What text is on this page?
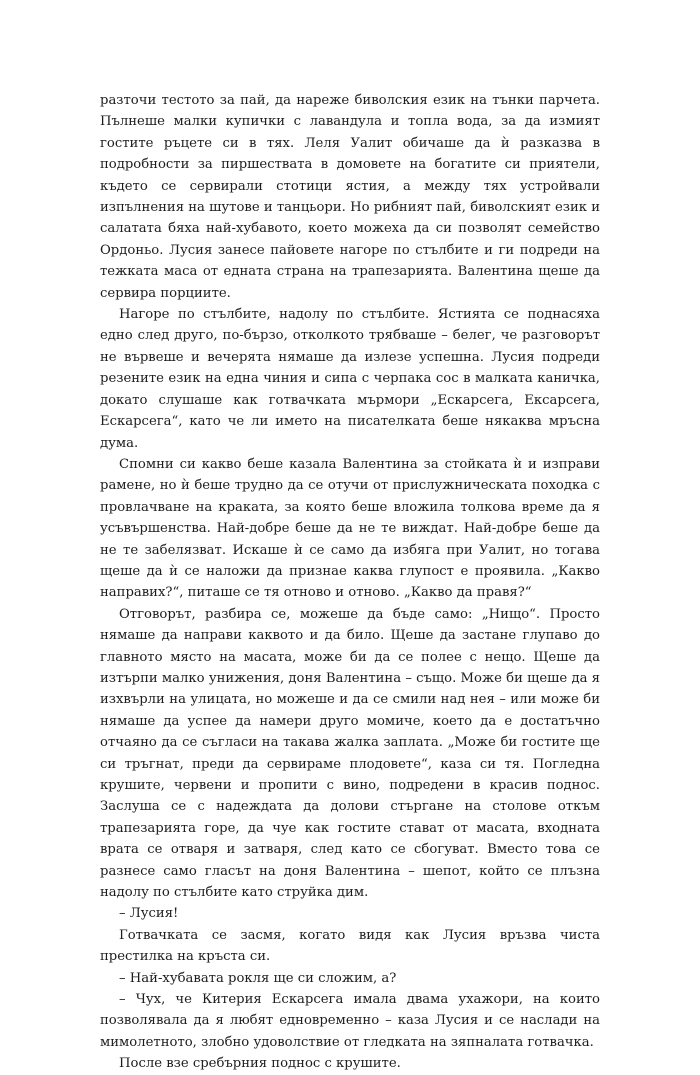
разточи тестото за пай, да нареже биволския език на тънки парчета. Пълнеше малки купички с лавандула и топла вода, за да измият гостите ръцете си в тях. Леля Уалит обичаше да ѝ разказва в подробности за пиршествата в домовете на богатите си приятели, където се сервирали стотици ястия, а между тях устройвали изпълнения на шутове и танцьори. Но рибният пай, биволският език и салатата бяха най-хубавото, което можеха да си позволят семейство Ордоньо. Лусия занесе пайовете нагоре по стълбите и ги подреди на тежката маса от едната страна на трапезарията. Валентина щеше да сервира порциите.

Нагоре по стълбите, надолу по стълбите. Ястията се поднасяха едно след друго, по-бързо, отколкото трябваше – белег, че разговорът не вървеше и вечерята нямаше да излезе успешна. Лусия подреди резените език на една чиния и сипа с черпака сос в малката каничка, докато слушаше как готвачката мърмори „Ескарсега, Ексарсега, Ескарсега“, като че ли името на писателката беше някаква мръсна дума.

Спомни си какво беше казала Валентина за стойката ѝ и изправи рамене, но ѝ беше трудно да се отучи от прислужническата походка с провлачване на краката, за която беше вложила толкова време да я усъвършенства. Най-добре беше да не те виждат. Най-добре беше да не те забелязват. Искаше ѝ се само да избяга при Уалит, но тогава щеше да ѝ се наложи да признае каква глупост е проявила. „Какво направих?“, питаше се тя отново и отново. „Какво да правя?“

Отговорът, разбира се, можеше да бъде само: „Нищо“. Просто нямаше да направи каквото и да било. Щеше да застане глупаво до главното място на масата, може би да се полее с нещо. Щеше да изтърпи малко унижения, доня Валентина – също. Може би щеше да я изхвърли на улицата, но можеше и да се смили над нея – или може би нямаше да успее да намери друго момиче, което да е достатъчно отчаяно да се съгласи на такава жалка заплата. „Може би гостите ще си тръгнат, преди да сервираме плодовете“, каза си тя. Погледна крушите, червени и пропити с вино, подредени в красив поднос. Заслуша се с надеждата да долови стъргане на столове откъм трапезарията горе, да чуе как гостите стават от масата, входната врата се отваря и затваря, след като се сбогуват. Вместо това се разнесе само гласът на доня Валентина – шепот, който се плъзна надолу по стълбите като струйка дим.

– Лусия!

Готвачката се засмя, когато видя как Лусия връзва чиста престилка на кръста си.

– Най-хубавата рокля ще си сложим, а?

– Чух, че Китерия Ескарсега имала двама ухажори, на които позволявала да я любят едновременно – каза Лусия и се наслади на мимолетното, злобно удоволствие от гледката на зяпналата готвачка.

После взе сребърния поднос с крушите.
